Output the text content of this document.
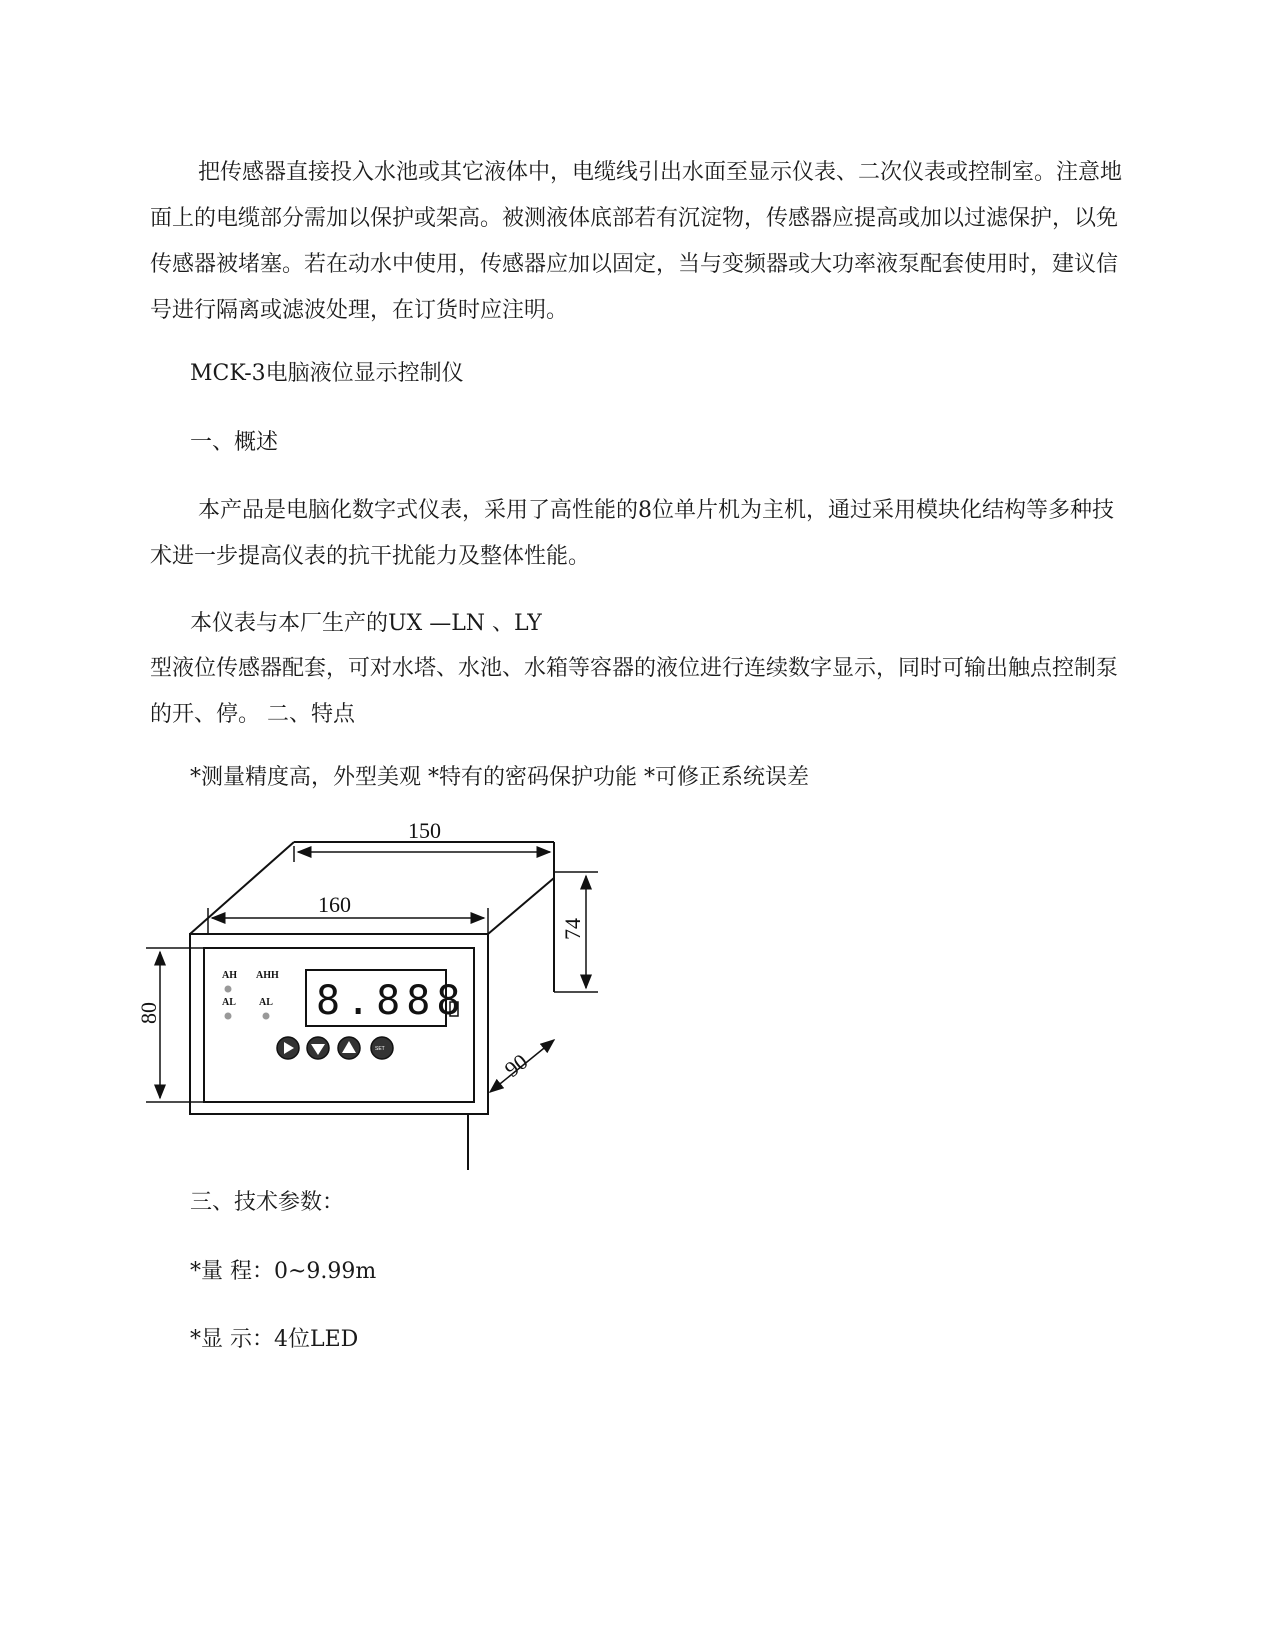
把传感器直接投入水池或其它液体中，电缆线引出水面至显示仪表、二次仪表或控制室。注意地面上的电缆部分需加以保护或架高。被测液体底部若有沉淀物，传感器应提高或加以过滤保护，以免传感器被堵塞。若在动水中使用，传感器应加以固定，当与变频器或大功率液泵配套使用时，建议信号进行隔离或滤波处理，在订货时应注明。

MCK-3电脑液位显示控制仪
一、概述

本产品是电脑化数字式仪表，采用了高性能的8位单片机为主机，通过采用模块化结构等多种技术进一步提高仪表的抗干扰能力及整体性能。

本仪表与本厂生产的UX —LN 、LY

型液位传感器配套，可对水塔、水池、水箱等容器的液位进行连续数字显示，同时可输出触点控制泵的开、停。 二、特点

*测量精度高，外型美观 *特有的密码保护功能 *可修正系统误差
150
160
74
80
90
AH AHH
AL AL 8.888
SET
三、技术参数：
*量 程：0~9.99m
*显 示：4位LED
